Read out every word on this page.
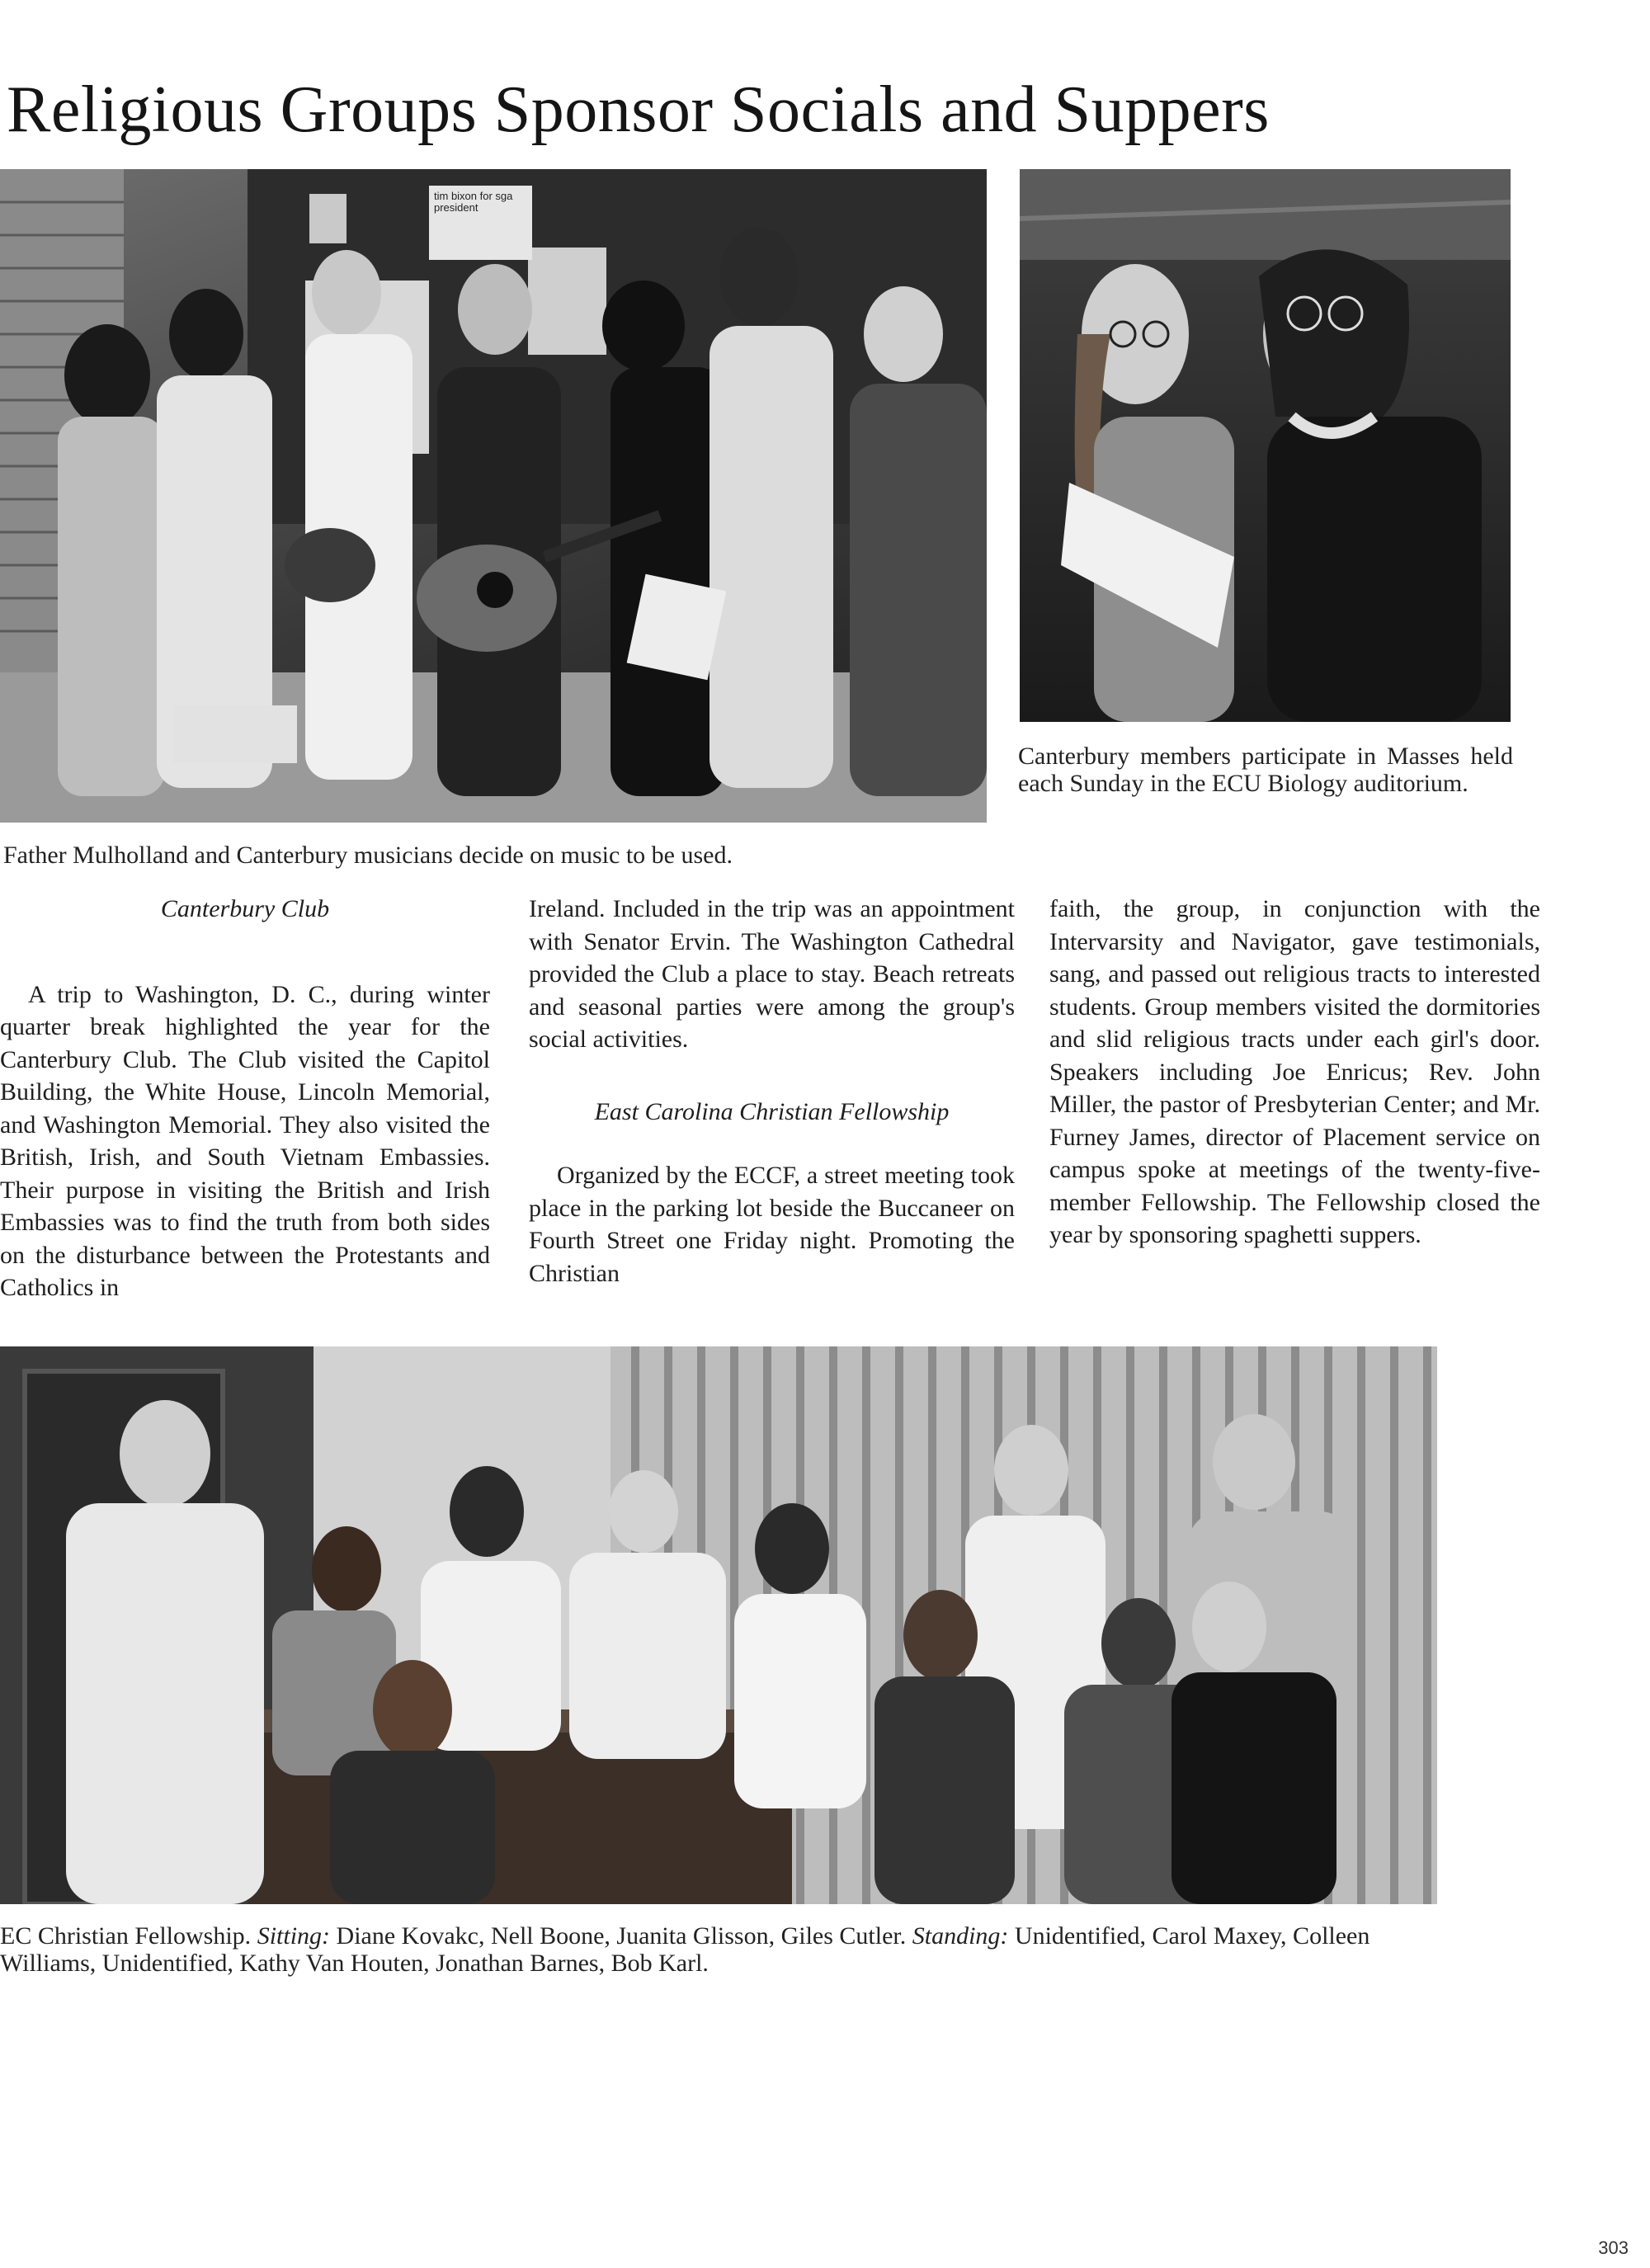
Religious Groups Sponsor Socials and Suppers
tim bixon for sga president

Canterbury members participate in Masses held each Sunday in the ECU Biology auditorium.

Father Mulholland and Canterbury musicians decide on music to be used.

Canterbury Club

A trip to Washington, D. C., during winter quarter break highlighted the year for the Canterbury Club. The Club visited the Capitol Building, the White House, Lincoln Memorial, and Washington Memorial. They also visited the British, Irish, and South Vietnam Embassies. Their purpose in visiting the British and Irish Embassies was to find the truth from both sides on the disturbance between the Protestants and Catholics in

Ireland. Included in the trip was an appointment with Senator Ervin. The Washington Cathedral provided the Club a place to stay. Beach retreats and seasonal parties were among the group's social activities.

East Carolina Christian Fellowship

Organized by the ECCF, a street meeting took place in the parking lot beside the Buccaneer on Fourth Street one Friday night. Promoting the Christian

faith, the group, in conjunction with the Intervarsity and Navigator, gave testimonials, sang, and passed out religious tracts to interested students. Group members visited the dormitories and slid religious tracts under each girl's door. Speakers including Joe Enricus; Rev. John Miller, the pastor of Presbyterian Center; and Mr. Furney James, director of Placement service on campus spoke at meetings of the twenty-five-member Fellowship. The Fellowship closed the year by sponsoring spaghetti suppers.

EC Christian Fellowship. Sitting: Diane Kovakc, Nell Boone, Juanita Glisson, Giles Cutler. Standing: Unidentified, Carol Maxey, Colleen Williams, Unidentified, Kathy Van Houten, Jonathan Barnes, Bob Karl.

303
